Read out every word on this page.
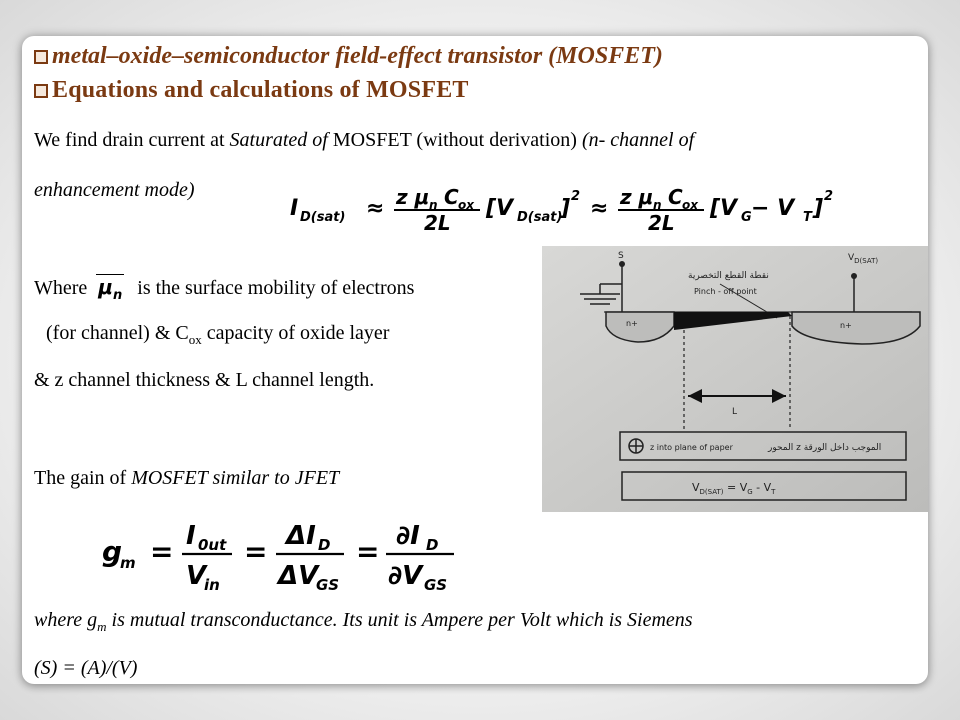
metal–oxide–semiconductor field-effect transistor (MOSFET)
Equations and calculations of MOSFET
We find drain current at Saturated of MOSFET (without derivation) (n- channel of
enhancement mode)
I D(sat) ≈ z μ n C ox
2L
[V D(sat)
] 2 ≈ z μ n C ox
2L
[V G − V T ] 2
Where $\mu_n$ is the surface mobility of electrons
(for channel) & $C_{ox}$ capacity of oxide layer
& z channel thickness & L channel length.
The gain of MOSFET similar to JFET
g
m = I 0ut
V
in
= ΔI D
ΔV
GS
= ∂I D
∂V GS
where $g_m$ is mutual transconductance. Its unit is Ampere per Volt which is Siemens
(S) = (A)/(V)
S	$V_{D(SAT)}$
نقطة القطع التخصرية
Pinch - off point
n+	n+
L
z into plane of paper	المحور z الموجب داخل الورقة
$V_{D(SAT)} = V_G - V_T$
